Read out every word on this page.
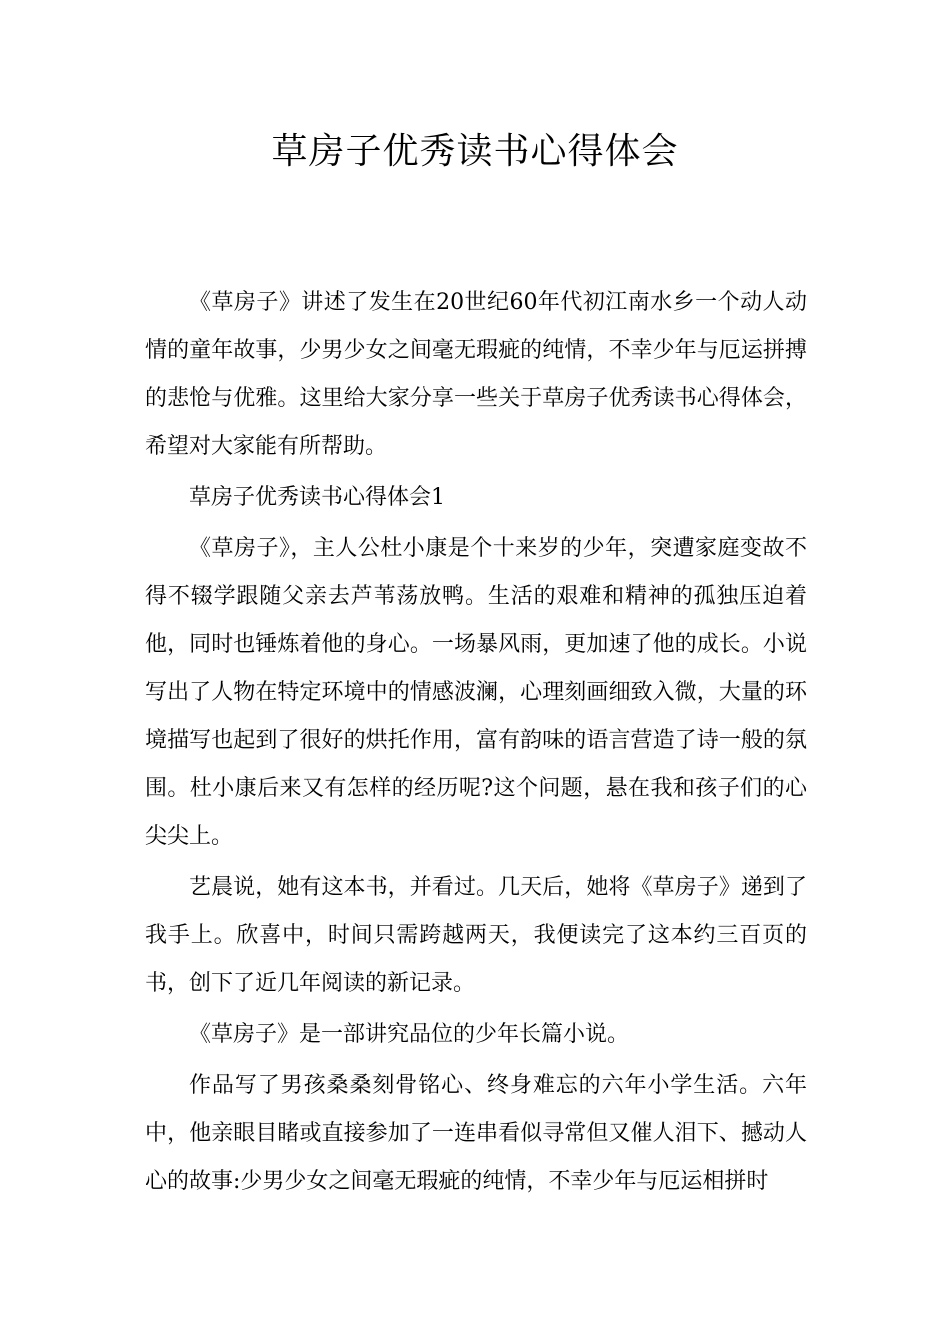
草房子优秀读书心得体会

《草房子》讲述了发生在20世纪60年代初江南水乡一个动人动情的童年故事，少男少女之间毫无瑕疵的纯情，不幸少年与厄运拼搏的悲怆与优雅。这里给大家分享一些关于草房子优秀读书心得体会，希望对大家能有所帮助。

草房子优秀读书心得体会1

《草房子》，主人公杜小康是个十来岁的少年，突遭家庭变故不得不辍学跟随父亲去芦苇荡放鸭。生活的艰难和精神的孤独压迫着他，同时也锤炼着他的身心。一场暴风雨，更加速了他的成长。小说写出了人物在特定环境中的情感波澜，心理刻画细致入微，大量的环境描写也起到了很好的烘托作用，富有韵味的语言营造了诗一般的氛围。杜小康后来又有怎样的经历呢?这个问题，悬在我和孩子们的心尖尖上。

艺晨说，她有这本书，并看过。几天后，她将《草房子》递到了我手上。欣喜中，时间只需跨越两天，我便读完了这本约三百页的书，创下了近几年阅读的新记录。

《草房子》是一部讲究品位的少年长篇小说。

作品写了男孩桑桑刻骨铭心、终身难忘的六年小学生活。六年中，他亲眼目睹或直接参加了一连串看似寻常但又催人泪下、撼动人心的故事:少男少女之间毫无瑕疵的纯情，不幸少年与厄运相拼时
